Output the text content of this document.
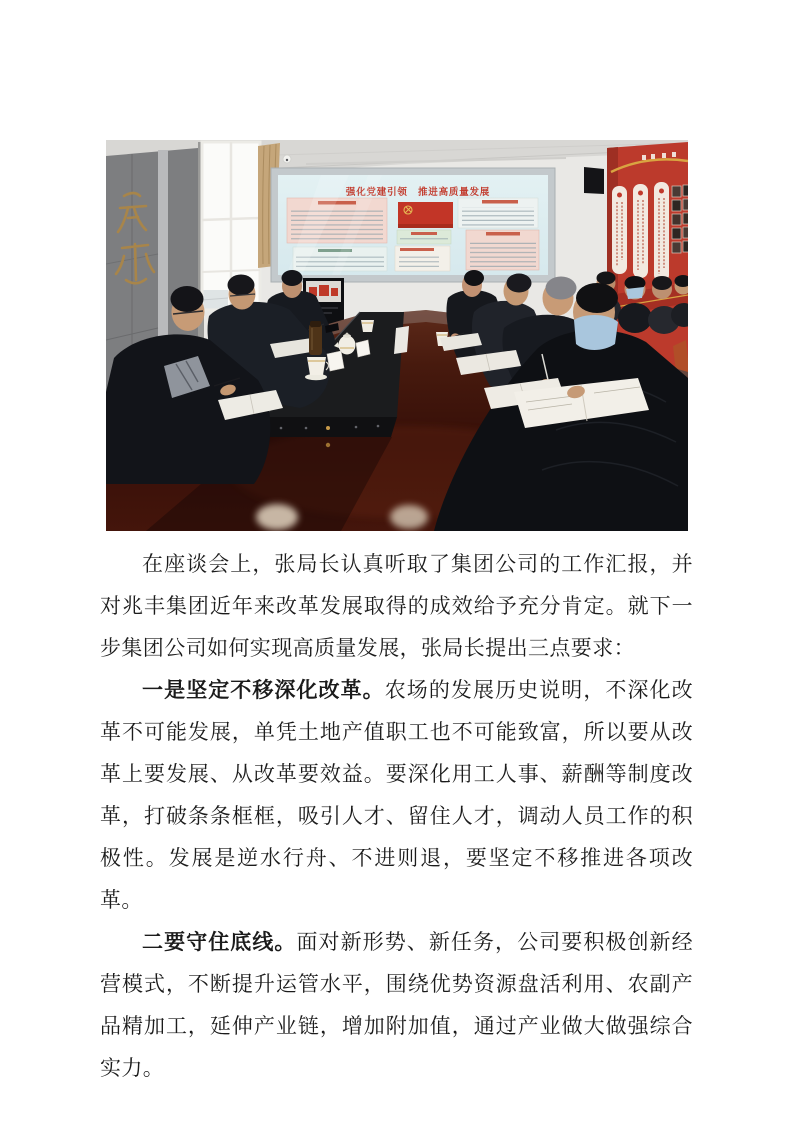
强化党建引领　推进高质量发展

在座谈会上，张局长认真听取了集团公司的工作汇报，并对兆丰集团近年来改革发展取得的成效给予充分肯定。就下一步集团公司如何实现高质量发展，张局长提出三点要求：

一是坚定不移深化改革。农场的发展历史说明，不深化改革不可能发展，单凭土地产值职工也不可能致富，所以要从改革上要发展、从改革要效益。要深化用工人事、薪酬等制度改革，打破条条框框，吸引人才、留住人才，调动人员工作的积极性。发展是逆水行舟、不进则退，要坚定不移推进各项改革。

二要守住底线。面对新形势、新任务，公司要积极创新经营模式，不断提升运管水平，围绕优势资源盘活利用、农副产品精加工，延伸产业链，增加附加值，通过产业做大做强综合实力。
